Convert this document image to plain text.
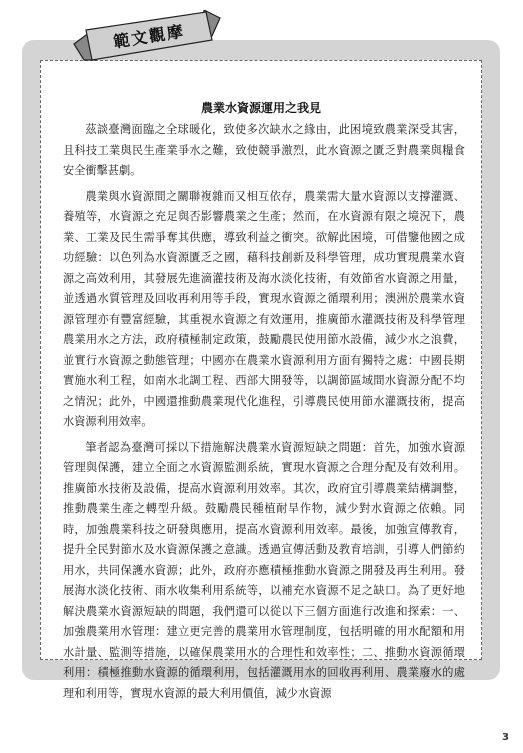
範文觀摩
農業水資源運用之我見

茲談臺灣面臨之全球暖化，致使多次缺水之緣由，此困境致農業深受其害，且科技工業與民生產業爭水之難，致使競爭激烈，此水資源之匱乏對農業與糧食安全衝擊甚劇。

農業與水資源間之關聯複雜而又相互依存，農業需大量水資源以支撐灌溉、養殖等，水資源之充足與否影響農業之生產；然而，在水資源有限之境況下，農業、工業及民生需爭奪其供應，導致利益之衝突。欲解此困境，可借鑒他國之成功經驗：以色列為水資源匱乏之國，藉科技創新及科學管理，成功實現農業水資源之高效利用，其發展先進滴灌技術及海水淡化技術，有效節省水資源之用量，並透過水質管理及回收再利用等手段，實現水資源之循環利用；澳洲於農業水資源管理亦有豐富經驗，其重視水資源之有效運用，推廣節水灌溉技術及科學管理農業用水之方法，政府積極制定政策，鼓勵農民使用節水設備，減少水之浪費，並實行水資源之動態管理；中國亦在農業水資源利用方面有獨特之處：中國長期實施水利工程，如南水北調工程、西部大開發等，以調節區域間水資源分配不均之情況；此外，中國還推動農業現代化進程，引導農民使用節水灌溉技術，提高水資源利用效率。

筆者認為臺灣可採以下措施解決農業水資源短缺之問題：首先，加強水資源管理與保護，建立全面之水資源監測系統，實現水資源之合理分配及有效利用。推廣節水技術及設備，提高水資源利用效率。其次，政府宜引導農業結構調整，推動農業生產之轉型升級。鼓勵農民種植耐旱作物，減少對水資源之依賴。同時，加強農業科技之研發與應用，提高水資源利用效率。最後，加強宣傳教育，提升全民對節水及水資源保護之意識。透過宣傳活動及教育培訓，引導人們節約用水，共同保護水資源；此外，政府亦應積極推動水資源之開發及再生利用。發展海水淡化技術、雨水收集利用系統等，以補充水資源不足之缺口。為了更好地解決農業水資源短缺的問題，我們還可以從以下三個方面進行改進和探索：一、加強農業用水管理：建立更完善的農業用水管理制度，包括明確的用水配額和用水計量、監測等措施，以確保農業用水的合理性和效率性；二、推動水資源循環利用：積極推動水資源的循環利用，包括灌溉用水的回收再利用、農業廢水的處理和利用等，實現水資源的最大利用價值，減少水資源

3
